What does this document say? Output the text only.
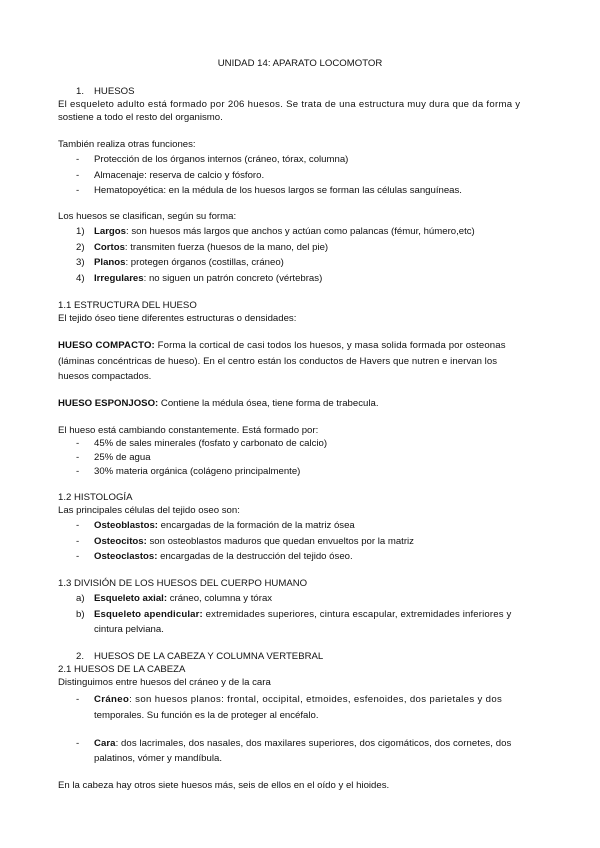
UNIDAD 14: APARATO LOCOMOTOR
1. HUESOS
El esqueleto adulto está formado por 206 huesos. Se trata de una estructura muy dura que da forma y
sostiene a todo el resto del organismo.
También realiza otras funciones:
- Protección de los órganos internos (cráneo, tórax, columna)
- Almacenaje: reserva de calcio y fósforo.
- Hematopoyética: en la médula de los huesos largos se forman las células sanguíneas.
Los huesos se clasifican, según su forma:
1) Largos: son huesos más largos que anchos y actúan como palancas (fémur, húmero,etc)
2) Cortos: transmiten fuerza (huesos de la mano, del pie)
3) Planos: protegen órganos (costillas, cráneo)
4) Irregulares: no siguen un patrón concreto (vértebras)
1.1 ESTRUCTURA DEL HUESO
El tejido óseo tiene diferentes estructuras o densidades:
HUESO COMPACTO: Forma la cortical de casi todos los huesos, y masa solida formada por osteonas
(láminas concéntricas de hueso). En el centro están los conductos de Havers que nutren e inervan los
huesos compactados.
HUESO ESPONJOSO: Contiene la médula ósea, tiene forma de trabecula.
El hueso está cambiando constantemente. Está formado por:
- 45% de sales minerales (fosfato y carbonato de calcio)
- 25% de agua
- 30% materia orgánica (colágeno principalmente)
1.2 HISTOLOGÍA
Las principales células del tejido oseo son:
- Osteoblastos: encargadas de la formación de la matriz ósea
- Osteocitos: son osteoblastos maduros que quedan envueltos por la matriz
- Osteoclastos: encargadas de la destrucción del tejido óseo.
1.3 DIVISIÓN DE LOS HUESOS DEL CUERPO HUMANO
a) Esqueleto axial: cráneo, columna y tórax
b) Esqueleto apendicular: extremidades superiores, cintura escapular, extremidades inferiores y
cintura pelviana.
2. HUESOS DE LA CABEZA Y COLUMNA VERTEBRAL
2.1 HUESOS DE LA CABEZA
Distinguimos entre huesos del cráneo y de la cara
- Cráneo: son huesos planos: frontal, occipital, etmoides, esfenoides, dos parietales y dos
temporales. Su función es la de proteger al encéfalo.
- Cara: dos lacrimales, dos nasales, dos maxilares superiores, dos cigomáticos, dos cornetes, dos
palatinos, vómer y mandíbula.
En la cabeza hay otros siete huesos más, seis de ellos en el oído y el hioides.
